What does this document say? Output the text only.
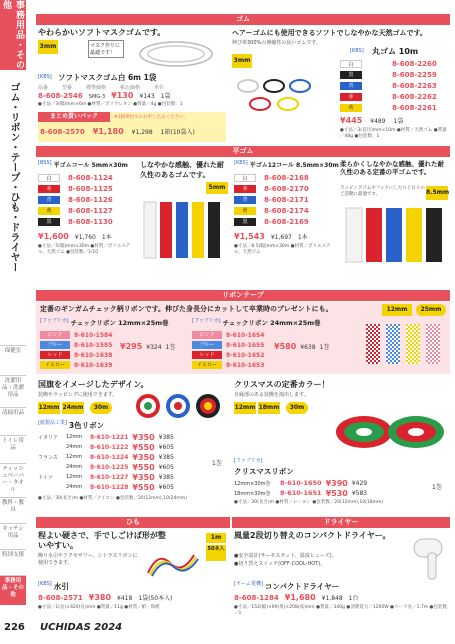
事務用品・その他
ゴム・リボン・テープ・ひも・ドライヤー
保健室
洗濯用品・洗濯用品
清掃用品
トイレ用品
ティッシュペーパー・タオル
教科・教具
キッチン用品
特別支援
事務用品・その他
226 UCHIDAS 2024
ゴム
やわらかいソフトマスクゴムです。
3mm	マスク作りに最適です！
[KBS] ソフトマスクゴム白 6m 1袋
品番	型番	標準価格	税込価格	単位
8-608-2546 SMG-3 ¥130 ¥143 1袋
●寸法／3(幅)mm×6m ●材質／ポリウレタン ●質量／4g ●包装数：1
まとめ買いパック	※1箱単位でのお申し込みください。
8-608-2570 ¥1,180 ¥1,298 1箱(10袋入)
ヘアーゴムにも使用できるソフトでしなやかな天然ゴムです。
伸び率300%の伸縮性の良いゴムです。
3mm
[KBS] 丸ゴム 10m
白	8-608-2260
黒	8-608-2259
青	8-608-2263
赤	8-608-2262
黄	8-608-2261
¥445 ¥489 1袋
●寸法／3(直径)mm×10m ●材質／天然ゴム ●質量／48g ●包装数：1
平ゴム
[BSS] 平ゴムコール 5mm×30m しなやかな感触、優れた耐久性のあるゴムです。
5mm
白	8-608-1124
赤	8-608-1125
青	8-608-1126
黄	8-608-1127
黒	8-608-1130
¥1,600 ¥1,760 1本
●寸法／5(幅)mm×30m ●材質／ポリエステル、天然ゴム ●包装数／1/10
[KBS] 平ゴム12コール 8.5mm×30m 柔らかくしなやかな感触、優れた耐久性のある定番の平ゴムです。
ラッピングゴムやフックにしたりと日々のご活動に最適です。	8.5mm
白	8-608-2168
赤	8-608-2170
青	8-608-2171
黄	8-608-2174
黒	8-608-2169
¥1,543 ¥1,697 1本
●寸法／8.5(幅)mm×30m ●材質／ポリエステル、天然ゴム
リボンテープ
定番のギンガムチェック柄リボンです。伸びた身長分にカットして卒業時のプレゼントにも。	12mm	25mm
[ファブリカ] チェックリボン 12mm×25m巻
ピンク	8-610-1584
ブルー	8-610-1585
レッド	8-610-1638
イエロー	8-610-1639
¥295 ¥324 1巻
[ファブリカ] チェックリボン 24mm×25m巻
ピンク	8-610-1654
ブルー	8-610-1655
レッド	8-610-1652
イエロー	8-610-1653
¥580 ¥638 1巻
国旗をイメージしたデザイン。
装飾やラッピングに使用できます。
12mm 24mm	30m
[紙製品工業] 3色リボン
イタリア	12mm	8-610-1221 ¥350 ¥385
24mm	8-610-1222 ¥550 ¥605
フランス	12mm	8-610-1224 ¥350 ¥385
24mm	8-610-1225 ¥550 ¥605
ドイツ	12mm	8-610-1227 ¥350 ¥385
24mm	8-610-1228 ¥550 ¥605
1巻
●寸法／30(長さ)m ●材質／ナイロン ●包装数／20(12mm),10(24mm)
クリスマスの定番カラー！
自縁部のある装飾を演出します。
12mm 18mm	30m
[ファブリカ]
クリスマスリボン
12mm×30m巻	8-610-1650 ¥390 ¥429
18mm×30m巻	8-610-1651 ¥530 ¥583
1巻
●寸法／30(長さ)m ●材質／レーヨン ●包装数／20(12mm),10(18mm)
ひも	ドライヤー
程よい硬さで、手でしごけば形が整いやすい。
飾り水引やアクセサリー、シトラスリボンに使用できます。
1m
50本入
[KBS] 水引
8-608-2571 ¥380 ¥418 1袋(50本入)
●寸法／1(長)×420(長)mm ●質量／11g ●材質／紙・和紙
風量2段切り替えのコンパクトドライヤー。
●安全設計(サーモスタット、温度ヒューズ)。
●切り替えスイッチ(OFF-COOL-HOT)。
[オーム電機] コンパクトドライヤー
8-608-1284 ¥1,680 ¥1,848 1台
●寸法／152(幅)×69(奥)×208(高)mm ●質量／340g ●消費電力／1200W ●コード長／1.7m ●包装数／1
